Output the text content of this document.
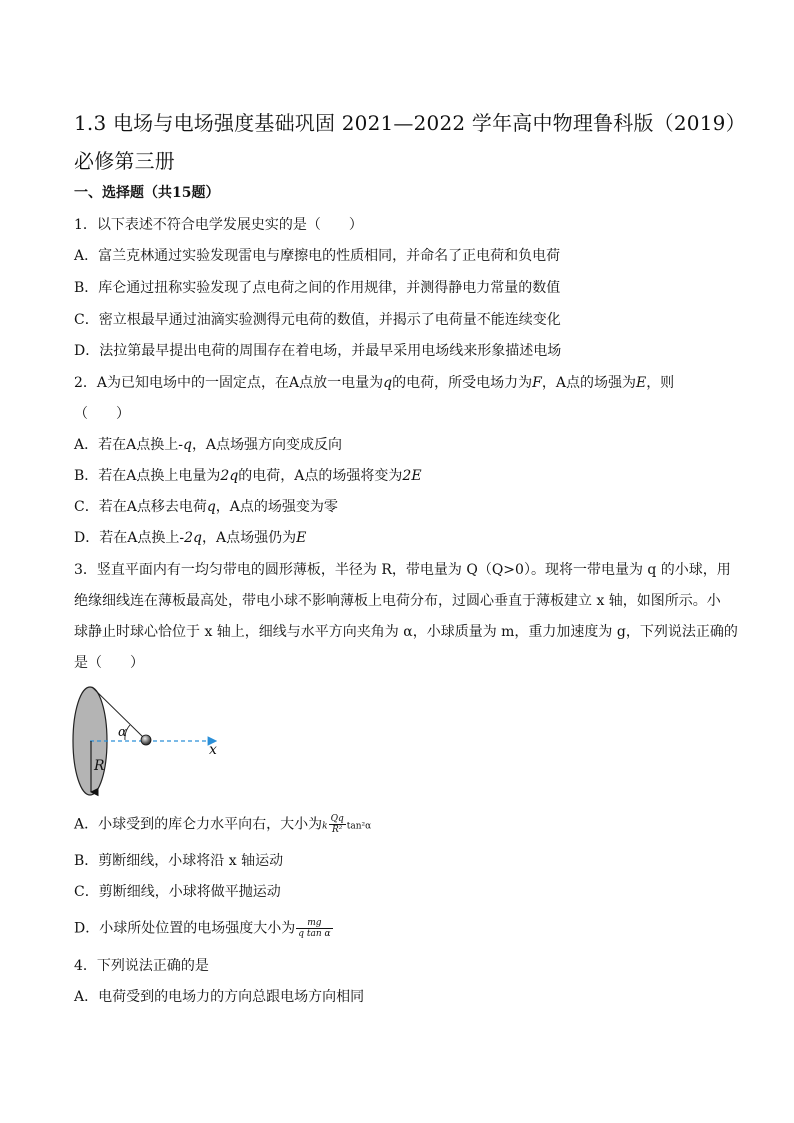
1.3 电场与电场强度基础巩固 2021—2022 学年高中物理鲁科版（2019）
必修第三册
一、选择题（共15题）
1．以下表述不符合电学发展史实的是（　　）
A．富兰克林通过实验发现雷电与摩擦电的性质相同，并命名了正电荷和负电荷
B．库仑通过扭称实验发现了点电荷之间的作用规律，并测得静电力常量的数值
C．密立根最早通过油滴实验测得元电荷的数值，并揭示了电荷量不能连续变化
D．法拉第最早提出电荷的周围存在着电场，并最早采用电场线来形象描述电场
2．A为已知电场中的一固定点，在A点放一电量为q的电荷，所受电场力为F，A点的场强为E，则
（　　）
A．若在A点换上-q，A点场强方向变成反向
B．若在A点换上电量为2q的电荷，A点的场强将变为2E
C．若在A点移去电荷q，A点的场强变为零
D．若在A点换上-2q，A点场强仍为E
3．竖直平面内有一均匀带电的圆形薄板，半径为 R，带电量为 Q（Q>0）。现将一带电量为 q 的小球，用
绝缘细线连在薄板最高处，带电小球不影响薄板上电荷分布，过圆心垂直于薄板建立 x 轴，如图所示。小
球静止时球心恰位于 x 轴上，细线与水平方向夹角为 α，小球质量为 m，重力加速度为 g，下列说法正确的
是（　　）
α
x
R
A．小球受到的库仑力水平向右，大小为k $\frac{Qq}{\text{R²}} \tan^2\alpha$
B．剪断细线，小球将沿 x 轴运动
C．剪断细线，小球将做平抛运动
D．小球所处位置的电场强度大小为 $\frac{mg}{\text{q tan α}}$
4．下列说法正确的是
A．电荷受到的电场力的方向总跟电场方向相同
